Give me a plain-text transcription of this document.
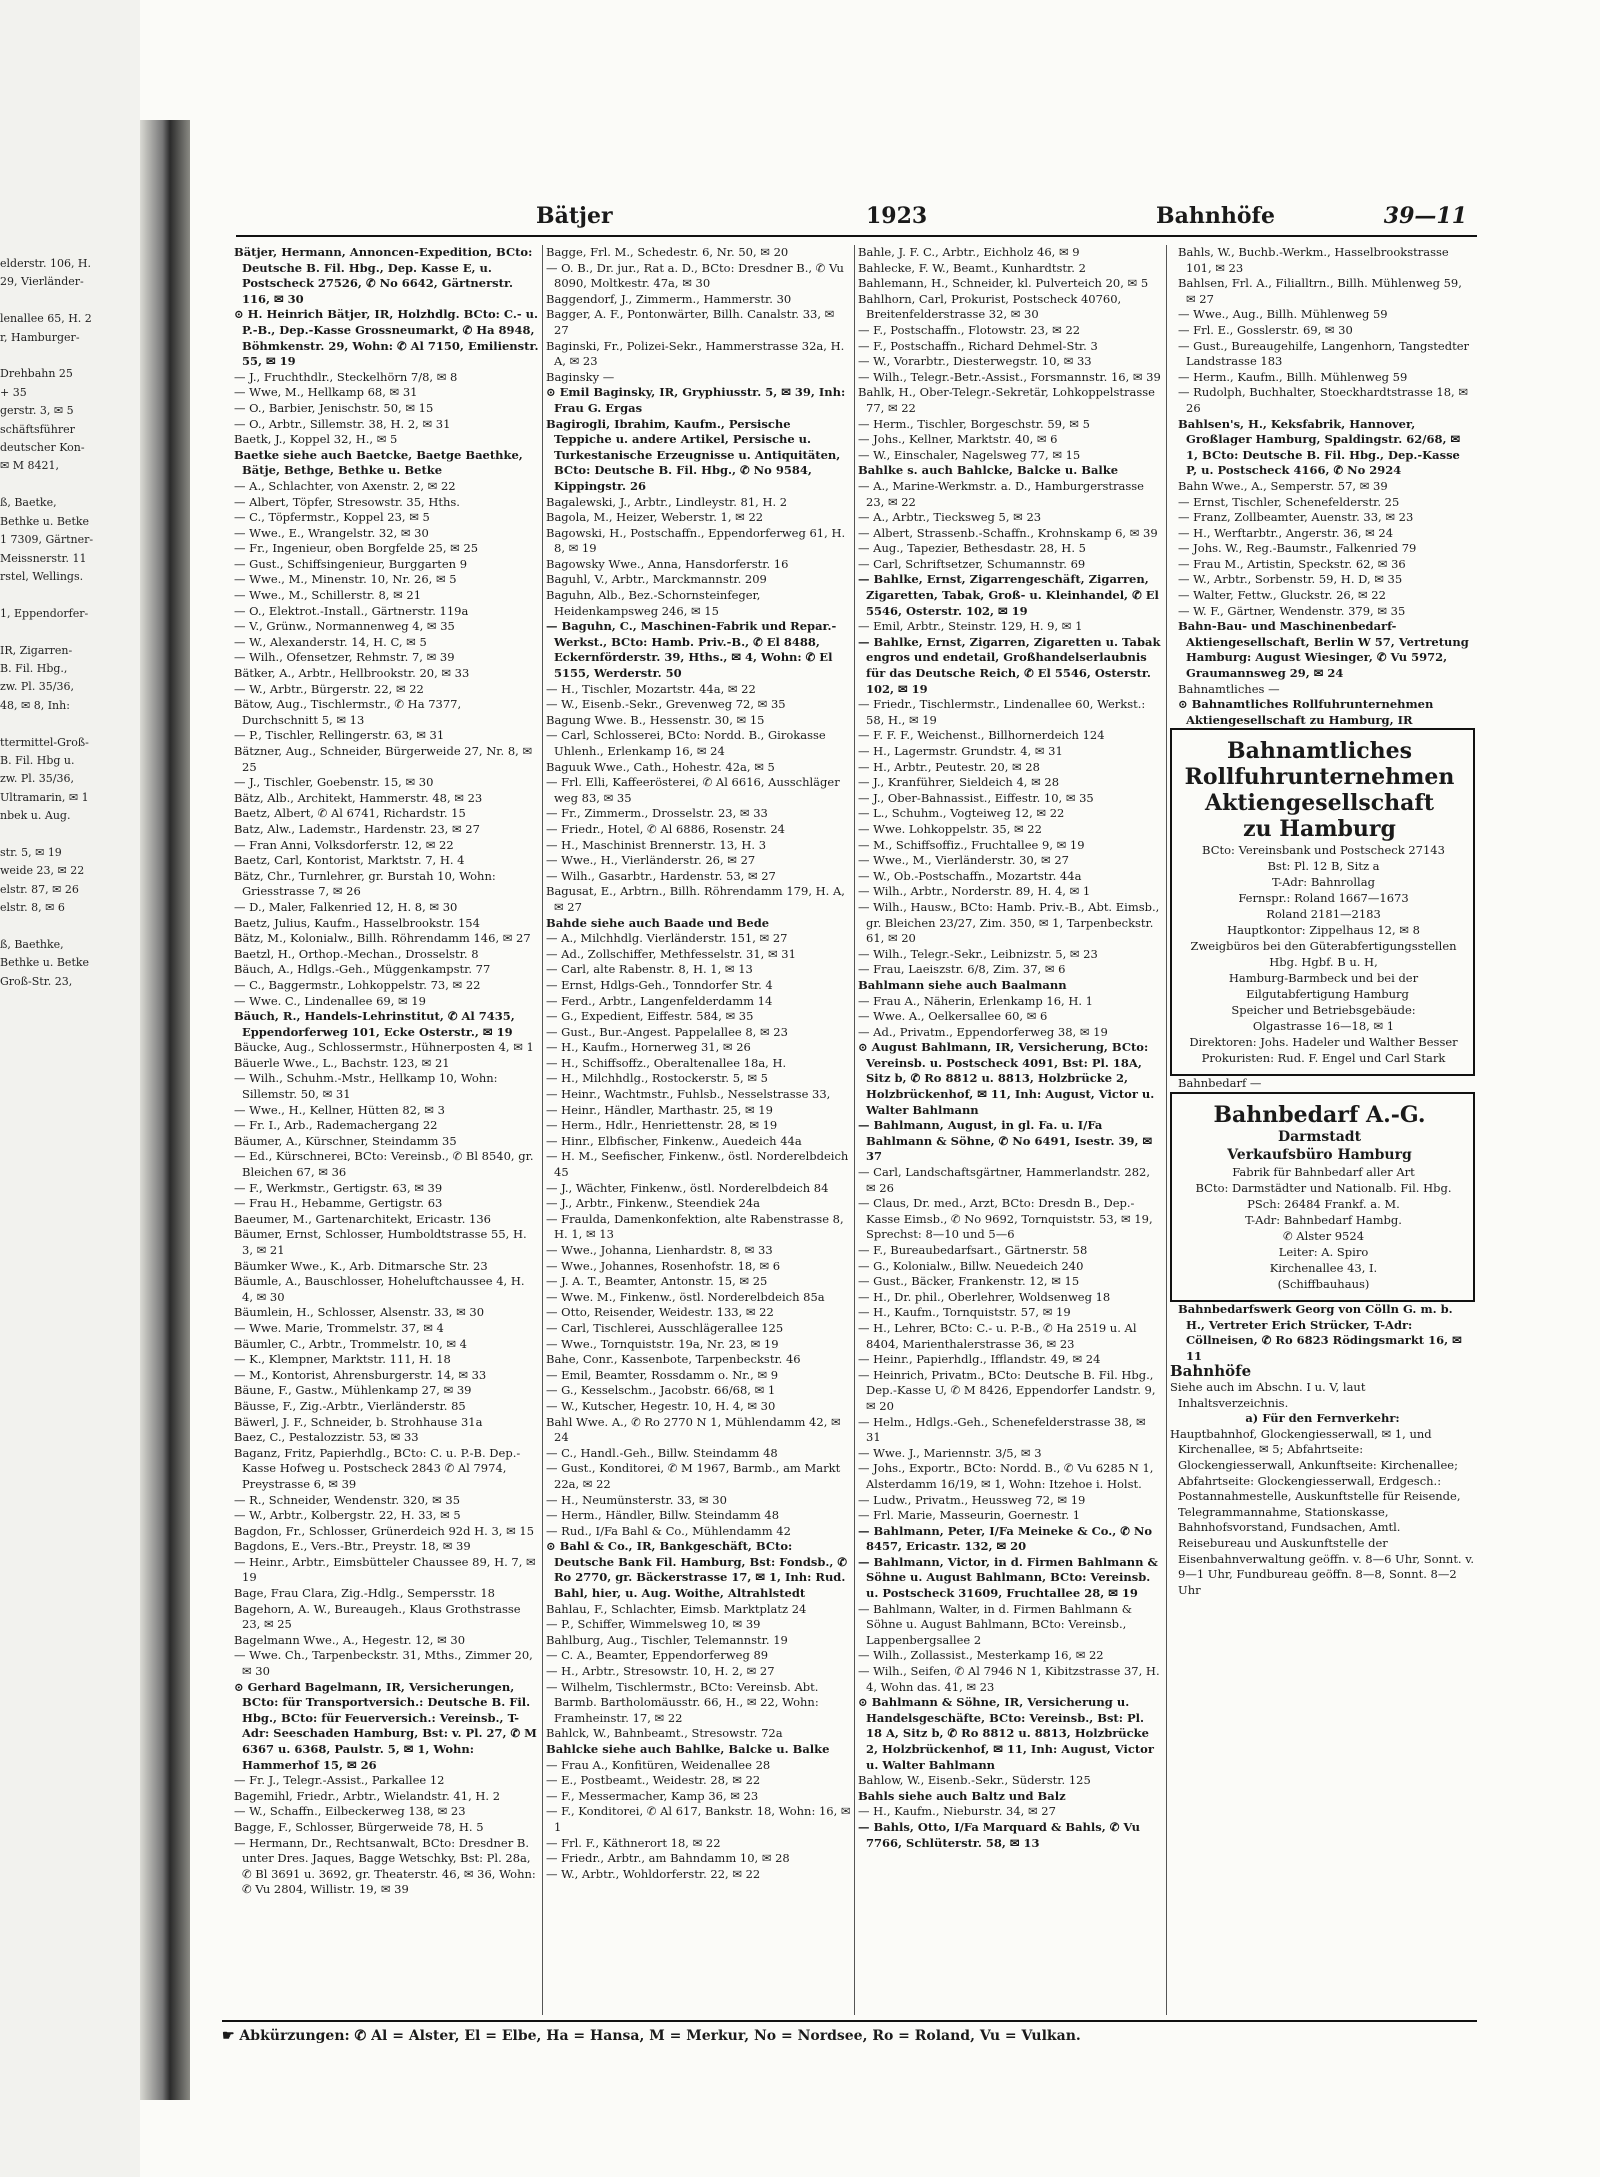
elderstr. 106, H.
29, Vierländer-

lenallee 65, H. 2
r, Hamburger-

Drehbahn 25
+ 35
gerstr. 3, ✉ 5
schäftsführer
deutscher Kon-
✉ M 8421,

ß, Baetke,
Bethke u. Betke
1 7309, Gärtner-
Meissnerstr. 11
rstel, Wellings.

1, Eppendorfer-

IR, Zigarren-
B. Fil. Hbg.,
zw. Pl. 35/36,
48, ✉ 8, Inh:

ttermittel-Groß-
B. Fil. Hbg u.
zw. Pl. 35/36,
Ultramarin, ✉ 1
nbek u. Aug.

str. 5, ✉ 19
weide 23, ✉ 22
elstr. 87, ✉ 26
elstr. 8, ✉ 6

ß, Baethke,
Bethke u. Betke
Groß-Str. 23,
Bätjer	1923	Bahnhöfe	39—11
Bätjer, Hermann, Annoncen-Expedition, BCto: Deutsche B. Fil. Hbg., Dep. Kasse E, u. Postscheck 27526, ✆ No 6642, Gärtnerstr. 116, ✉ 30
⊙ H. Heinrich Bätjer, IR, Holzhdlg. BCto: C.- u. P.-B., Dep.-Kasse Grossneumarkt, ✆ Ha 8948, Böhmkenstr. 29, Wohn: ✆ Al 7150, Emilienstr. 55, ✉ 19
— J., Fruchthdlr., Steckelhörn 7/8, ✉ 8
— Wwe, M., Hellkamp 68, ✉ 31
— O., Barbier, Jenischstr. 50, ✉ 15
— O., Arbtr., Sillemstr. 38, H. 2, ✉ 31
Baetk, J., Koppel 32, H., ✉ 5
Baetke siehe auch Baetcke, Baetge Baethke, Bätje, Bethge, Bethke u. Betke
— A., Schlachter, von Axenstr. 2, ✉ 22
— Albert, Töpfer, Stresowstr. 35, Hths.
— C., Töpfermstr., Koppel 23, ✉ 5
— Wwe., E., Wrangelstr. 32, ✉ 30
— Fr., Ingenieur, oben Borgfelde 25, ✉ 25
— Gust., Schiffsingenieur, Burggarten 9
— Wwe., M., Minenstr. 10, Nr. 26, ✉ 5
— Wwe., M., Schillerstr. 8, ✉ 21
— O., Elektrot.-Install., Gärtnerstr. 119a
— V., Grünw., Normannenweg 4, ✉ 35
— W., Alexanderstr. 14, H. C, ✉ 5
— Wilh., Ofensetzer, Rehmstr. 7, ✉ 39
Bätker, A., Arbtr., Hellbrookstr. 20, ✉ 33
— W., Arbtr., Bürgerstr. 22, ✉ 22
Bätow, Aug., Tischlermstr., ✆ Ha 7377, Durchschnitt 5, ✉ 13
— P., Tischler, Rellingerstr. 63, ✉ 31
Bätzner, Aug., Schneider, Bürgerweide 27, Nr. 8, ✉ 25
— J., Tischler, Goebenstr. 15, ✉ 30
Bätz, Alb., Architekt, Hammerstr. 48, ✉ 23
Baetz, Albert, ✆ Al 6741, Richardstr. 15
Batz, Alw., Lademstr., Hardenstr. 23, ✉ 27
— Fran Anni, Volksdorferstr. 12, ✉ 22
Baetz, Carl, Kontorist, Marktstr. 7, H. 4
Bätz, Chr., Turnlehrer, gr. Burstah 10, Wohn: Griesstrasse 7, ✉ 26
— D., Maler, Falkenried 12, H. 8, ✉ 30
Baetz, Julius, Kaufm., Hasselbrookstr. 154
Bätz, M., Kolonialw., Billh. Röhrendamm 146, ✉ 27
Baetzl, H., Orthop.-Mechan., Drosselstr. 8
Bäuch, A., Hdlgs.-Geh., Müggenkampstr. 77
— C., Baggermstr., Lohkoppelstr. 73, ✉ 22
— Wwe. C., Lindenallee 69, ✉ 19
Bäuch, R., Handels-Lehrinstitut, ✆ Al 7435, Eppendorferweg 101, Ecke Osterstr., ✉ 19
Bäucke, Aug., Schlossermstr., Hühnerposten 4, ✉ 1
Bäuerle Wwe., L., Bachstr. 123, ✉ 21
— Wilh., Schuhm.-Mstr., Hellkamp 10, Wohn: Sillemstr. 50, ✉ 31
— Wwe., H., Kellner, Hütten 82, ✉ 3
— Fr. I., Arb., Rademachergang 22
Bäumer, A., Kürschner, Steindamm 35
— Ed., Kürschnerei, BCto: Vereinsb., ✆ Bl 8540, gr. Bleichen 67, ✉ 36
— F., Werkmstr., Gertigstr. 63, ✉ 39
— Frau H., Hebamme, Gertigstr. 63
Baeumer, M., Gartenarchitekt, Ericastr. 136
Bäumer, Ernst, Schlosser, Humboldtstrasse 55, H. 3, ✉ 21
Bäumker Wwe., K., Arb. Ditmarsche Str. 23
Bäumle, A., Bauschlosser, Hoheluftchaussee 4, H. 4, ✉ 30
Bäumlein, H., Schlosser, Alsenstr. 33, ✉ 30
— Wwe. Marie, Trommelstr. 37, ✉ 4
Bäumler, C., Arbtr., Trommelstr. 10, ✉ 4
— K., Klempner, Marktstr. 111, H. 18
— M., Kontorist, Ahrensburgerstr. 14, ✉ 33
Bäune, F., Gastw., Mühlenkamp 27, ✉ 39
Bäusse, F., Zig.-Arbtr., Vierländerstr. 85
Bäwerl, J. F., Schneider, b. Strohhause 31a
Baez, C., Pestalozzistr. 53, ✉ 33
Baganz, Fritz, Papierhdlg., BCto: C. u. P.-B. Dep.-Kasse Hofweg u. Postscheck 2843 ✆ Al 7974, Preystrasse 6, ✉ 39
— R., Schneider, Wendenstr. 320, ✉ 35
— W., Arbtr., Kolbergstr. 22, H. 33, ✉ 5
Bagdon, Fr., Schlosser, Grünerdeich 92d H. 3, ✉ 15
Bagdons, E., Vers.-Btr., Preystr. 18, ✉ 39
— Heinr., Arbtr., Eimsbütteler Chaussee 89, H. 7, ✉ 19
Bage, Frau Clara, Zig.-Hdlg., Sempersstr. 18
Bagehorn, A. W., Bureaugeh., Klaus Grothstrasse 23, ✉ 25
Bagelmann Wwe., A., Hegestr. 12, ✉ 30
— Wwe. Ch., Tarpenbeckstr. 31, Mths., Zimmer 20, ✉ 30
⊙ Gerhard Bagelmann, IR, Versicherungen, BCto: für Transportversich.: Deutsche B. Fil. Hbg., BCto: für Feuerversich.: Vereinsb., T-Adr: Seeschaden Hamburg, Bst: v. Pl. 27, ✆ M 6367 u. 6368, Paulstr. 5, ✉ 1, Wohn: Hammerhof 15, ✉ 26
— Fr. J., Telegr.-Assist., Parkallee 12
Bagemihl, Friedr., Arbtr., Wielandstr. 41, H. 2
— W., Schaffn., Eilbeckerweg 138, ✉ 23
Bagge, F., Schlosser, Bürgerweide 78, H. 5
— Hermann, Dr., Rechtsanwalt, BCto: Dresdner B. unter Dres. Jaques, Bagge Wetschky, Bst: Pl. 28a, ✆ Bl 3691 u. 3692, gr. Theaterstr. 46, ✉ 36, Wohn: ✆ Vu 2804, Willistr. 19, ✉ 39
Bagge, Frl. M., Schedestr. 6, Nr. 50, ✉ 20
— O. B., Dr. jur., Rat a. D., BCto: Dresdner B., ✆ Vu 8090, Moltkestr. 47a, ✉ 30
Baggendorf, J., Zimmerm., Hammerstr. 30
Bagger, A. F., Pontonwärter, Billh. Canalstr. 33, ✉ 27
Baginski, Fr., Polizei-Sekr., Hammerstrasse 32a, H. A, ✉ 23
Baginsky —
⊙ Emil Baginsky, IR, Gryphiusstr. 5, ✉ 39, Inh: Frau G. Ergas
Bagirogli, Ibrahim, Kaufm., Persische Teppiche u. andere Artikel, Persische u. Turkestanische Erzeugnisse u. Antiquitäten, BCto: Deutsche B. Fil. Hbg., ✆ No 9584, Kippingstr. 26
Bagalewski, J., Arbtr., Lindleystr. 81, H. 2
Bagola, M., Heizer, Weberstr. 1, ✉ 22
Bagowski, H., Postschaffn., Eppendorferweg 61, H. 8, ✉ 19
Bagowsky Wwe., Anna, Hansdorferstr. 16
Baguhl, V., Arbtr., Marckmannstr. 209
Baguhn, Alb., Bez.-Schornsteinfeger, Heidenkampsweg 246, ✉ 15
— Baguhn, C., Maschinen-Fabrik und Repar.-Werkst., BCto: Hamb. Priv.-B., ✆ El 8488, Eckernförderstr. 39, Hths., ✉ 4, Wohn: ✆ El 5155, Werderstr. 50
— H., Tischler, Mozartstr. 44a, ✉ 22
— W., Eisenb.-Sekr., Grevenweg 72, ✉ 35
Bagung Wwe. B., Hessenstr. 30, ✉ 15
— Carl, Schlosserei, BCto: Nordd. B., Girokasse Uhlenh., Erlenkamp 16, ✉ 24
Baguuk Wwe., Cath., Hohestr. 42a, ✉ 5
— Frl. Elli, Kaffeerösterei, ✆ Al 6616, Ausschläger weg 83, ✉ 35
— Fr., Zimmerm., Drosselstr. 23, ✉ 33
— Friedr., Hotel, ✆ Al 6886, Rosenstr. 24
— H., Maschinist Brennerstr. 13, H. 3
— Wwe., H., Vierländerstr. 26, ✉ 27
— Wilh., Gasarbtr., Hardenstr. 53, ✉ 27
Bagusat, E., Arbtrn., Billh. Röhrendamm 179, H. A, ✉ 27
Bahde siehe auch Baade und Bede
— A., Milchhdlg. Vierländerstr. 151, ✉ 27
— Ad., Zollschiffer, Methfesselstr. 31, ✉ 31
— Carl, alte Rabenstr. 8, H. 1, ✉ 13
— Ernst, Hdlgs-Geh., Tonndorfer Str. 4
— Ferd., Arbtr., Langenfelderdamm 14
— G., Expedient, Eiffestr. 584, ✉ 35
— Gust., Bur.-Angest. Pappelallee 8, ✉ 23
— H., Kaufm., Hornerweg 31, ✉ 26
— H., Schiffsoffz., Oberaltenallee 18a, H.
— H., Milchhdlg., Rostockerstr. 5, ✉ 5
— Heinr., Wachtmstr., Fuhlsb., Nesselstrasse 33,
— Heinr., Händler, Marthastr. 25, ✉ 19
— Herm., Hdlr., Henriettenstr. 28, ✉ 19
— Hinr., Elbfischer, Finkenw., Auedeich 44a
— H. M., Seefischer, Finkenw., östl. Norderelbdeich 45
— J., Wächter, Finkenw., östl. Norderelbdeich 84
— J., Arbtr., Finkenw., Steendiek 24a
— Fraulda, Damenkonfektion, alte Rabenstrasse 8, H. 1, ✉ 13
— Wwe., Johanna, Lienhardstr. 8, ✉ 33
— Wwe., Johannes, Rosenhofstr. 18, ✉ 6
— J. A. T., Beamter, Antonstr. 15, ✉ 25
— Wwe. M., Finkenw., östl. Norderelbdeich 85a
— Otto, Reisender, Weidestr. 133, ✉ 22
— Carl, Tischlerei, Ausschlägerallee 125
— Wwe., Tornquiststr. 19a, Nr. 23, ✉ 19
Bahe, Conr., Kassenbote, Tarpenbeckstr. 46
— Emil, Beamter, Rossdamm o. Nr., ✉ 9
— G., Kesselschm., Jacobstr. 66/68, ✉ 1
— W., Kutscher, Hegestr. 10, H. 4, ✉ 30
Bahl Wwe. A., ✆ Ro 2770 N 1, Mühlendamm 42, ✉ 24
— C., Handl.-Geh., Billw. Steindamm 48
— Gust., Konditorei, ✆ M 1967, Barmb., am Markt 22a, ✉ 22
— H., Neumünsterstr. 33, ✉ 30
— Herm., Händler, Billw. Steindamm 48
— Rud., I/Fa Bahl & Co., Mühlendamm 42
⊙ Bahl & Co., IR, Bankgeschäft, BCto: Deutsche Bank Fil. Hamburg, Bst: Fondsb., ✆ Ro 2770, gr. Bäckerstrasse 17, ✉ 1, Inh: Rud. Bahl, hier, u. Aug. Woithe, Altrahlstedt
Bahlau, F., Schlachter, Eimsb. Marktplatz 24
— P., Schiffer, Wimmelsweg 10, ✉ 39
Bahlburg, Aug., Tischler, Telemannstr. 19
— C. A., Beamter, Eppendorferweg 89
— H., Arbtr., Stresowstr. 10, H. 2, ✉ 27
— Wilhelm, Tischlermstr., BCto: Vereinsb. Abt. Barmb. Bartholomäusstr. 66, H., ✉ 22, Wohn: Framheinstr. 17, ✉ 22
Bahlck, W., Bahnbeamt., Stresowstr. 72a
Bahlcke siehe auch Bahlke, Balcke u. Balke
— Frau A., Konfitüren, Weidenallee 28
— E., Postbeamt., Weidestr. 28, ✉ 22
— F., Messermacher, Kamp 36, ✉ 23
— F., Konditorei, ✆ Al 617, Bankstr. 18, Wohn: 16, ✉ 1
— Frl. F., Käthnerort 18, ✉ 22
— Friedr., Arbtr., am Bahndamm 10, ✉ 28
— W., Arbtr., Wohldorferstr. 22, ✉ 22
Bahle, J. F. C., Arbtr., Eichholz 46, ✉ 9
Bahlecke, F. W., Beamt., Kunhardtstr. 2
Bahlemann, H., Schneider, kl. Pulverteich 20, ✉ 5
Bahlhorn, Carl, Prokurist, Postscheck 40760, Breitenfelderstrasse 32, ✉ 30
— F., Postschaffn., Flotowstr. 23, ✉ 22
— F., Postschaffn., Richard Dehmel-Str. 3
— W., Vorarbtr., Diesterwegstr. 10, ✉ 33
— Wilh., Telegr.-Betr.-Assist., Forsmannstr. 16, ✉ 39
Bahlk, H., Ober-Telegr.-Sekretär, Lohkoppelstrasse 77, ✉ 22
— Herm., Tischler, Borgeschstr. 59, ✉ 5
— Johs., Kellner, Marktstr. 40, ✉ 6
— W., Einschaler, Nagelsweg 77, ✉ 15
Bahlke s. auch Bahlcke, Balcke u. Balke
— A., Marine-Werkmstr. a. D., Hamburgerstrasse 23, ✉ 22
— A., Arbtr., Tiecksweg 5, ✉ 23
— Albert, Strassenb.-Schaffn., Krohnskamp 6, ✉ 39
— Aug., Tapezier, Bethesdastr. 28, H. 5
— Carl, Schriftsetzer, Schumannstr. 69
— Bahlke, Ernst, Zigarrengeschäft, Zigarren, Zigaretten, Tabak, Groß- u. Kleinhandel, ✆ El 5546, Osterstr. 102, ✉ 19
— Emil, Arbtr., Steinstr. 129, H. 9, ✉ 1
— Bahlke, Ernst, Zigarren, Zigaretten u. Tabak engros und endetail, Großhandelserlaubnis für das Deutsche Reich, ✆ El 5546, Osterstr. 102, ✉ 19
— Friedr., Tischlermstr., Lindenallee 60, Werkst.: 58, H., ✉ 19
— F. F. F., Weichenst., Billhornerdeich 124
— H., Lagermstr. Grundstr. 4, ✉ 31
— H., Arbtr., Peutestr. 20, ✉ 28
— J., Kranführer, Sieldeich 4, ✉ 28
— J., Ober-Bahnassist., Eiffestr. 10, ✉ 35
— L., Schuhm., Vogteiweg 12, ✉ 22
— Wwe. Lohkoppelstr. 35, ✉ 22
— M., Schiffsoffiz., Fruchtallee 9, ✉ 19
— Wwe., M., Vierländerstr. 30, ✉ 27
— W., Ob.-Postschaffn., Mozartstr. 44a
— Wilh., Arbtr., Norderstr. 89, H. 4, ✉ 1
— Wilh., Hausw., BCto: Hamb. Priv.-B., Abt. Eimsb., gr. Bleichen 23/27, Zim. 350, ✉ 1, Tarpenbeckstr. 61, ✉ 20
— Wilh., Telegr.-Sekr., Leibnizstr. 5, ✉ 23
— Frau, Laeiszstr. 6/8, Zim. 37, ✉ 6
Bahlmann siehe auch Baalmann
— Frau A., Näherin, Erlenkamp 16, H. 1
— Wwe. A., Oelkersallee 60, ✉ 6
— Ad., Privatm., Eppendorferweg 38, ✉ 19
⊙ August Bahlmann, IR, Versicherung, BCto: Vereinsb. u. Postscheck 4091, Bst: Pl. 18A, Sitz b, ✆ Ro 8812 u. 8813, Holzbrücke 2, Holzbrückenhof, ✉ 11, Inh: August, Victor u. Walter Bahlmann
— Bahlmann, August, in gl. Fa. u. I/Fa Bahlmann & Söhne, ✆ No 6491, Isestr. 39, ✉ 37
— Carl, Landschaftsgärtner, Hammerlandstr. 282, ✉ 26
— Claus, Dr. med., Arzt, BCto: Dresdn B., Dep.-Kasse Eimsb., ✆ No 9692, Tornquiststr. 53, ✉ 19, Sprechst: 8—10 und 5—6
— F., Bureaubedarfsart., Gärtnerstr. 58
— G., Kolonialw., Billw. Neuedeich 240
— Gust., Bäcker, Frankenstr. 12, ✉ 15
— H., Dr. phil., Oberlehrer, Woldsenweg 18
— H., Kaufm., Tornquiststr. 57, ✉ 19
— H., Lehrer, BCto: C.- u. P.-B., ✆ Ha 2519 u. Al 8404, Marienthalerstrasse 36, ✉ 23
— Heinr., Papierhdlg., Ifflandstr. 49, ✉ 24
— Heinrich, Privatm., BCto: Deutsche B. Fil. Hbg., Dep.-Kasse U, ✆ M 8426, Eppendorfer Landstr. 9, ✉ 20
— Helm., Hdlgs.-Geh., Schenefelderstrasse 38, ✉ 31
— Wwe. J., Mariennstr. 3/5, ✉ 3
— Johs., Exportr., BCto: Nordd. B., ✆ Vu 6285 N 1, Alsterdamm 16/19, ✉ 1, Wohn: Itzehoe i. Holst.
— Ludw., Privatm., Heussweg 72, ✉ 19
— Frl. Marie, Masseurin, Goernestr. 1
— Bahlmann, Peter, I/Fa Meineke & Co., ✆ No 8457, Ericastr. 132, ✉ 20
— Bahlmann, Victor, in d. Firmen Bahlmann & Söhne u. August Bahlmann, BCto: Vereinsb. u. Postscheck 31609, Fruchtallee 28, ✉ 19
— Bahlmann, Walter, in d. Firmen Bahlmann & Söhne u. August Bahlmann, BCto: Vereinsb., Lappenbergsallee 2
— Wilh., Zollassist., Mesterkamp 16, ✉ 22
— Wilh., Seifen, ✆ Al 7946 N 1, Kibitzstrasse 37, H. 4, Wohn das. 41, ✉ 23
⊙ Bahlmann & Söhne, IR, Versicherung u. Handelsgeschäfte, BCto: Vereinsb., Bst: Pl. 18 A, Sitz b, ✆ Ro 8812 u. 8813, Holzbrücke 2, Holzbrückenhof, ✉ 11, Inh: August, Victor u. Walter Bahlmann
Bahlow, W., Eisenb.-Sekr., Süderstr. 125
Bahls siehe auch Baltz und Balz
— H., Kaufm., Nieburstr. 34, ✉ 27
— Bahls, Otto, I/Fa Marquard & Bahls, ✆ Vu 7766, Schlüterstr. 58, ✉ 13
Bahls, W., Buchb.-Werkm., Hasselbrookstrasse 101, ✉ 23
Bahlsen, Frl. A., Filialltrn., Billh. Mühlenweg 59, ✉ 27
— Wwe., Aug., Billh. Mühlenweg 59
— Frl. E., Gosslerstr. 69, ✉ 30
— Gust., Bureaugehilfe, Langenhorn, Tangstedter Landstrasse 183
— Herm., Kaufm., Billh. Mühlenweg 59
— Rudolph, Buchhalter, Stoeckhardtstrasse 18, ✉ 26
Bahlsen's, H., Keksfabrik, Hannover, Großlager Hamburg, Spaldingstr. 62/68, ✉ 1, BCto: Deutsche B. Fil. Hbg., Dep.-Kasse P, u. Postscheck 4166, ✆ No 2924
Bahn Wwe., A., Semperstr. 57, ✉ 39
— Ernst, Tischler, Schenefelderstr. 25
— Franz, Zollbeamter, Auenstr. 33, ✉ 23
— H., Werftarbtr., Angerstr. 36, ✉ 24
— Johs. W., Reg.-Baumstr., Falkenried 79
— Frau M., Artistin, Speckstr. 62, ✉ 36
— W., Arbtr., Sorbenstr. 59, H. D, ✉ 35
— Walter, Fettw., Gluckstr. 26, ✉ 22
— W. F., Gärtner, Wendenstr. 379, ✉ 35
Bahn-Bau- und Maschinenbedarf-Aktiengesellschaft, Berlin W 57, Vertretung Hamburg: August Wiesinger, ✆ Vu 5972, Graumannsweg 29, ✉ 24
Bahnamtliches —
⊙ Bahnamtliches Rollfuhrunternehmen Aktiengesellschaft zu Hamburg, IR
Bahnamtliches
Rollfuhrunternehmen
Aktiengesellschaft
zu Hamburg
BCto: Vereinsbank und Postscheck 27143
Bst: Pl. 12 B, Sitz a
T-Adr: Bahnrollag
Fernspr.: Roland 1667—1673
Roland 2181—2183
Hauptkontor: Zippelhaus 12, ✉ 8
Zweigbüros bei den Güterabfertigungsstellen
Hbg. Hgbf. B u. H,
Hamburg-Barmbeck und bei der Eilgutabfertigung Hamburg
Speicher und Betriebsgebäude:
Olgastrasse 16—18, ✉ 1
Direktoren: Johs. Hadeler und Walther Besser
Prokuristen: Rud. F. Engel und Carl Stark
Bahnbedarf —
Bahnbedarf A.-G.
Darmstadt
Verkaufsbüro Hamburg
Fabrik für Bahnbedarf aller Art
BCto: Darmstädter und Nationalb. Fil. Hbg.
PSch: 26484 Frankf. a. M.
T-Adr: Bahnbedarf Hambg.
✆ Alster 9524
Leiter: A. Spiro
Kirchenallee 43, I.
(Schiffbauhaus)
Bahnbedarfswerk Georg von Cölln G. m. b. H., Vertreter Erich Strücker, T-Adr: Cöllneisen, ✆ Ro 6823 Rödingsmarkt 16, ✉ 11
Bahnhöfe
Siehe auch im Abschn. I u. V, laut Inhaltsverzeichnis.
a) Für den Fernverkehr:
Hauptbahnhof, Glockengiesserwall, ✉ 1, und Kirchenallee, ✉ 5; Abfahrtseite: Glockengiesserwall, Ankunftseite: Kirchenallee; Abfahrtseite: Glockengiesserwall, Erdgesch.: Postannahmestelle, Auskunftstelle für Reisende, Telegrammannahme, Stationskasse, Bahnhofsvorstand, Fundsachen, Amtl. Reisebureau und Auskunftstelle der Eisenbahnverwaltung geöffn. v. 8—6 Uhr, Sonnt. v. 9—1 Uhr, Fundbureau geöffn. 8—8, Sonnt. 8—2 Uhr
☛ Abkürzungen: ✆ Al = Alster, El = Elbe, Ha = Hansa, M = Merkur, No = Nordsee, Ro = Roland, Vu = Vulkan.
